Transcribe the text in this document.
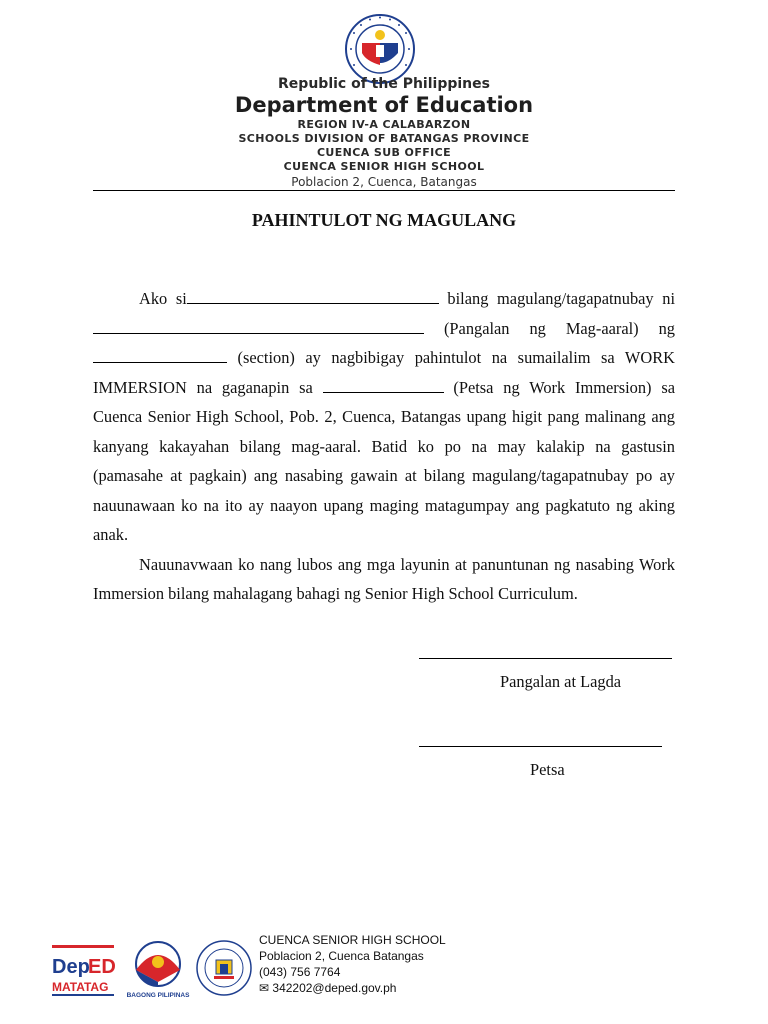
Republic of the Philippines
Department of Education
REGION IV-A CALABARZON
SCHOOLS DIVISION OF BATANGAS PROVINCE
CUENCA SUB OFFICE
CUENCA SENIOR HIGH SCHOOL
Poblacion 2, Cuenca, Batangas
PAHINTULOT NG MAGULANG

Ako si	bilang magulang/tagapatnubay ni  (Pangalan ng Mag-aaral) ng  (section) ay nagbibigay pahintulot na sumailalim sa WORK IMMERSION na gaganapin sa	(Petsa ng Work Immersion) sa Cuenca Senior High School, Pob. 2, Cuenca, Batangas upang higit pang malinang ang kanyang kakayahan bilang mag-aaral. Batid ko po na may kalakip na gastusin (pamasahe at pagkain) ang nasabing gawain at bilang magulang/tagapatnubay po ay nauunawaan ko na ito ay naayon upang maging matagumpay ang pagkatuto ng aking anak.

Nauunavwaan ko nang lubos ang mga layunin at panuntunan ng nasabing Work Immersion bilang mahalagang bahagi ng Senior High School Curriculum.

Pangalan at Lagda
Petsa
Dep
ED
MATATAG
BAGONG PILIPINAS
CUENCA SENIOR HIGH SCHOOL
Poblacion 2, Cuenca Batangas
(043) 756 7764
✉ 342202@deped.gov.ph
